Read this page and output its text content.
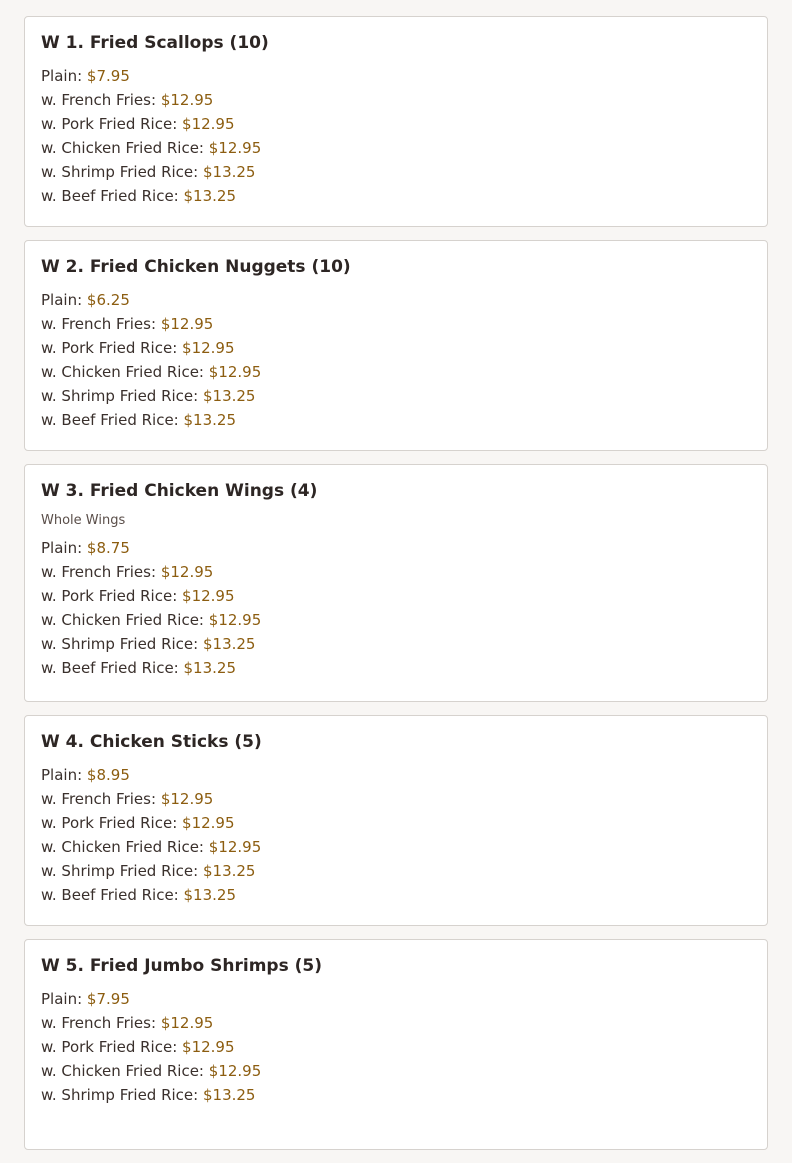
W 1. Fried Scallops (10)
Plain: $7.95
w. French Fries: $12.95
w. Pork Fried Rice: $12.95
w. Chicken Fried Rice: $12.95
w. Shrimp Fried Rice: $13.25
w. Beef Fried Rice: $13.25
W 2. Fried Chicken Nuggets (10)
Plain: $6.25
w. French Fries: $12.95
w. Pork Fried Rice: $12.95
w. Chicken Fried Rice: $12.95
w. Shrimp Fried Rice: $13.25
w. Beef Fried Rice: $13.25
W 3. Fried Chicken Wings (4)

Whole Wings

Plain: $8.75
w. French Fries: $12.95
w. Pork Fried Rice: $12.95
w. Chicken Fried Rice: $12.95
w. Shrimp Fried Rice: $13.25
w. Beef Fried Rice: $13.25
W 4. Chicken Sticks (5)
Plain: $8.95
w. French Fries: $12.95
w. Pork Fried Rice: $12.95
w. Chicken Fried Rice: $12.95
w. Shrimp Fried Rice: $13.25
w. Beef Fried Rice: $13.25
W 5. Fried Jumbo Shrimps (5)
Plain: $7.95
w. French Fries: $12.95
w. Pork Fried Rice: $12.95
w. Chicken Fried Rice: $12.95
w. Shrimp Fried Rice: $13.25
